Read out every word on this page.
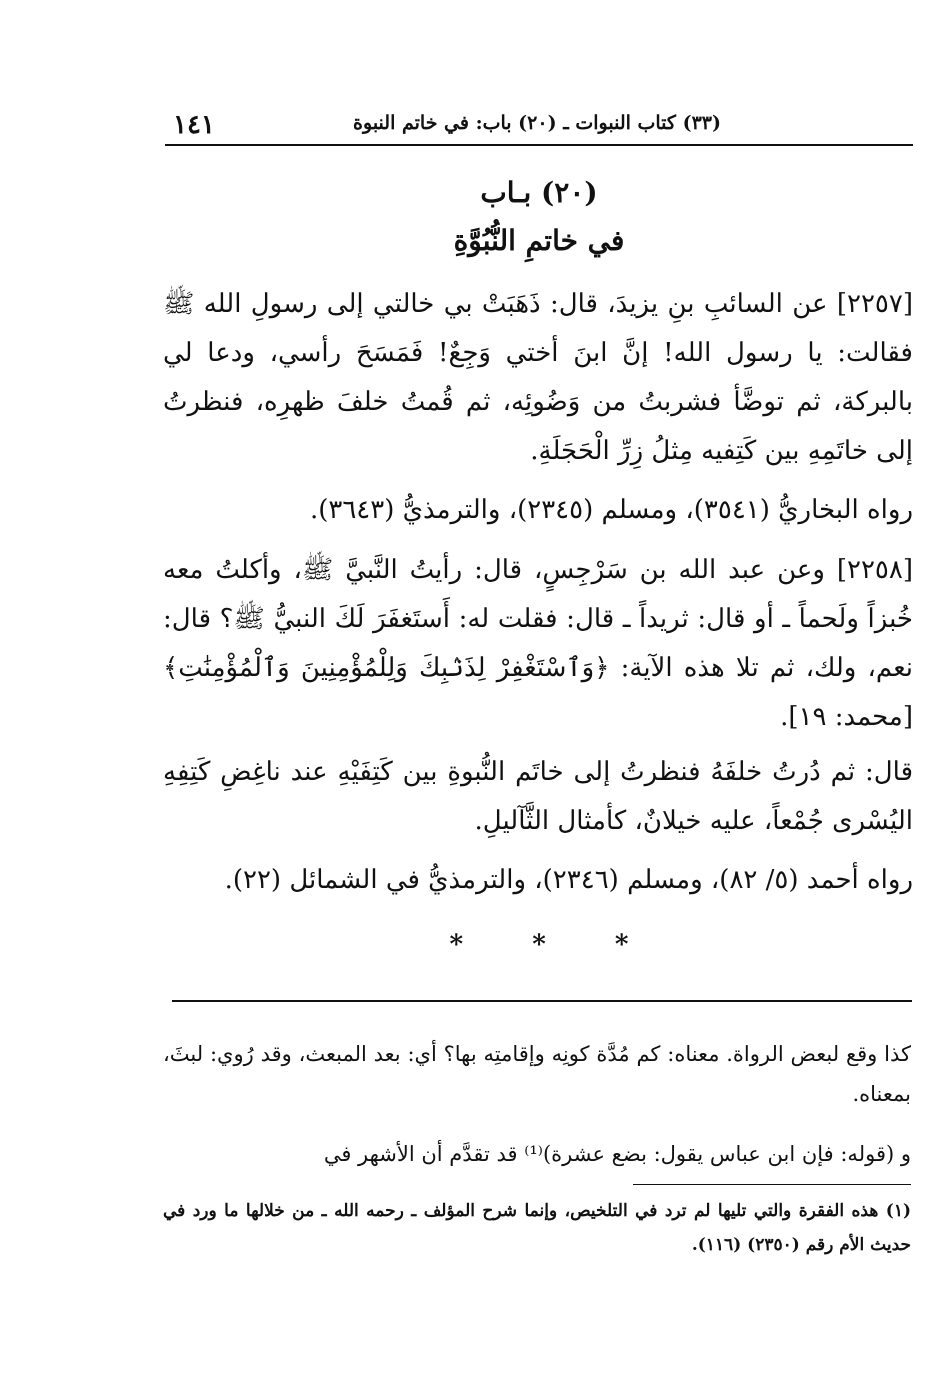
١٤١	(٣٣) كتاب النبوات ـ (٢٠) باب: في خاتم النبوة
(٢٠) بـاب
في خاتمِ النُّبُوَّةِ
[٢٢٥٧] عن السائبِ بنِ يزيدَ، قال: ذَهَبَتْ بي خالتي إلى رسولِ الله ﷺ فقالت: يا رسول الله! إنَّ ابنَ أختي وَجِعٌ! فَمَسَحَ رأسي، ودعا لي بالبركة، ثم توضَّأ فشربتُ من وَضُوئِه، ثم قُمتُ خلفَ ظهرِه، فنظرتُ إلى خاتَمِهِ بين كَتِفيه مِثلُ زِرِّ الْحَجَلَةِ.
رواه البخاريُّ (٣٥٤١)، ومسلم (٢٣٤٥)، والترمذيُّ (٣٦٤٣).
[٢٢٥٨] وعن عبد الله بن سَرْجِسٍ، قال: رأيتُ النَّبيَّ ﷺ، وأكلتُ معه خُبزاً ولَحماً ـ أو قال: ثريداً ـ قال: فقلت له: أَستَغفَرَ لَكَ النبيُّ ﷺ؟ قال: نعم، ولك، ثم تلا هذه الآية: ﴿وَٱسْتَغْفِرْ لِذَنۢبِكَ وَلِلْمُؤْمِنِينَ وَٱلْمُؤْمِنَٰتِ﴾ [محمد: ١٩].
قال: ثم دُرتُ خلفَهُ فنظرتُ إلى خاتَم النُّبوةِ بين كَتِفَيْهِ عند ناغِضِ كَتِفِهِ اليُسْرى جُمْعاً، عليه خيلانٌ، كأمثال الثَّآليلِ.
رواه أحمد (٥/ ٨٢)، ومسلم (٢٣٤٦)، والترمذيُّ في الشمائل (٢٢).
* * *
كذا وقع لبعض الرواة. معناه: كم مُدَّة كونِه وإقامتِه بها؟ أي: بعد المبعث، وقد رُوي: لبثَ، بمعناه.
و (قوله: فإن ابن عباس يقول: بضع عشرة)⁽¹⁾ قد تقدَّم أن الأشهر في
(١) هذه الفقرة والتي تليها لم ترد في التلخيص، وإنما شرح المؤلف ـ رحمه الله ـ من خلالها ما ورد في حديث الأم رقم (٢٣٥٠) (١١٦).
